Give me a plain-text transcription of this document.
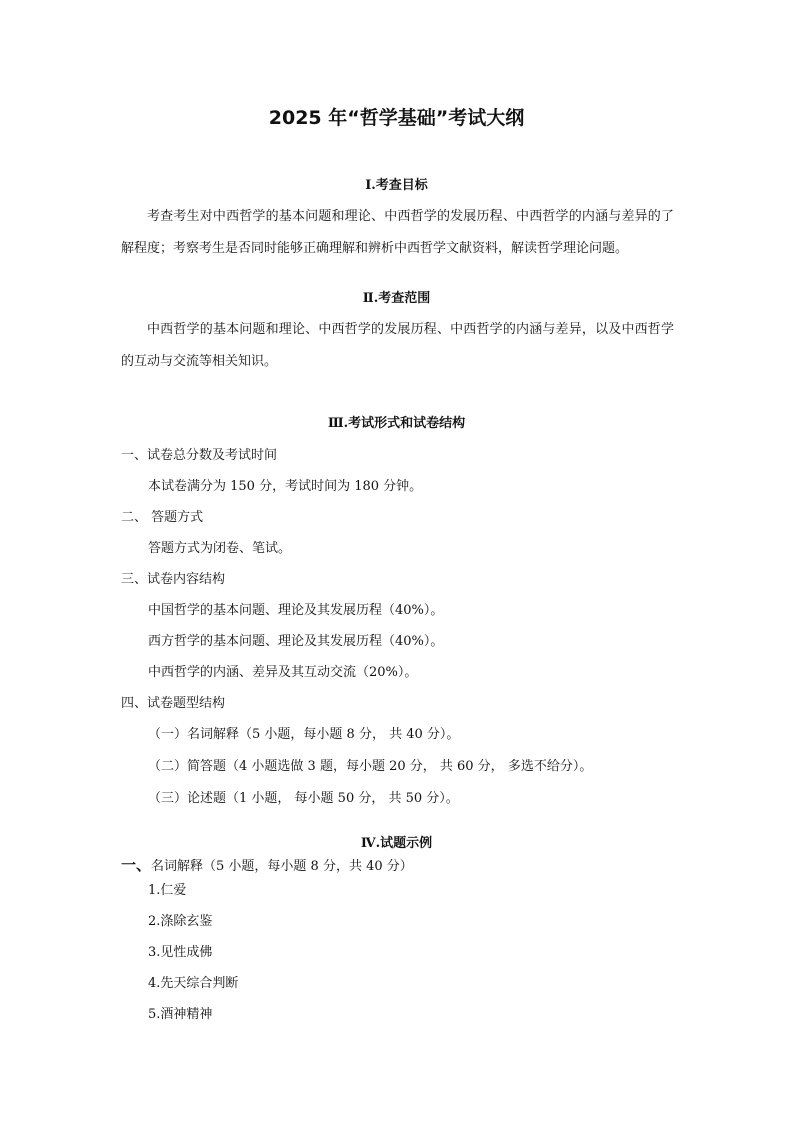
2025 年“哲学基础”考试大纲
Ⅰ.考查目标

考查考生对中西哲学的基本问题和理论、中西哲学的发展历程、中西哲学的内涵与差异的了解程度；考察考生是否同时能够正确理解和辨析中西哲学文献资料，解读哲学理论问题。

Ⅱ.考查范围

中西哲学的基本问题和理论、中西哲学的发展历程、中西哲学的内涵与差异，以及中西哲学的互动与交流等相关知识。

Ⅲ.考试形式和试卷结构

一、试卷总分数及考试时间

本试卷满分为 150 分，考试时间为 180 分钟。

二、 答题方式

答题方式为闭卷、笔试。

三、试卷内容结构

中国哲学的基本问题、理论及其发展历程（40%）。

西方哲学的基本问题、理论及其发展历程（40%）。

中西哲学的内涵、差异及其互动交流（20%）。

四、试卷题型结构

（一）名词解释（5 小题，每小题 8 分， 共 40 分）。

（二）简答题（4 小题选做 3 题，每小题 20 分， 共 60 分， 多选不给分）。

（三）论述题（1 小题， 每小题 50 分， 共 50 分）。

Ⅳ.试题示例

一、名词解释（5 小题，每小题 8 分，共 40 分）

1.仁爱

2.涤除玄鉴

3.见性成佛

4.先天综合判断

5.酒神精神
